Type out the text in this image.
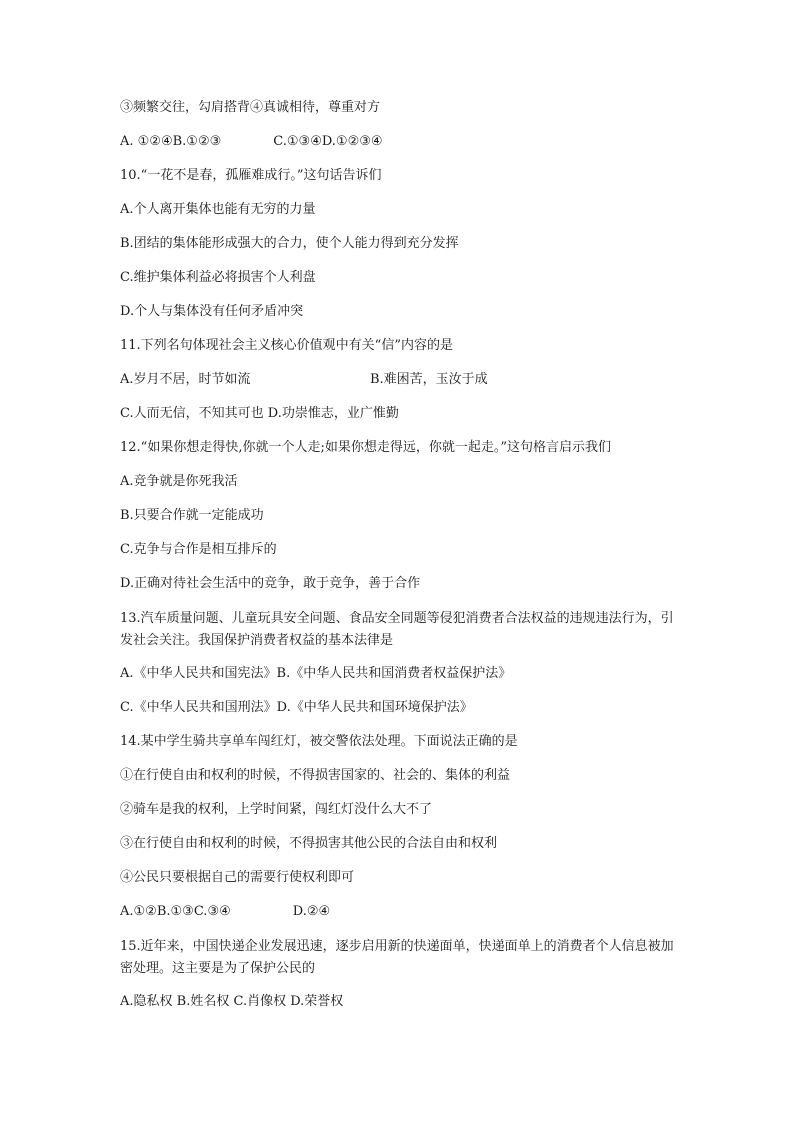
③频繁交往，勾肩搭背④真诚相待，尊重对方
A. ①②④B.①②③	C.①③④D.①②③④
10.“一花不是春，孤雁难成行。”这句话告诉们
A.个人离开集体也能有无穷的力量
B.团结的集体能形成强大的合力，使个人能力得到充分发挥
C.维护集体利益必将损害个人利盘
D.个人与集体没有任何矛盾冲突
11.下列名句体现社会主义核心价值观中有关“信”内容的是
A.岁月不居，时节如流	B.难困苦，玉汝于成
C.人而无信，不知其可也 D.功崇惟志，业广惟勤
12.“如果你想走得快,你就一个人走;如果你想走得远，你就一起走。”这句格言启示我们
A.竞争就是你死我活
B.只要合作就一定能成功
C.克争与合作是相互排斥的
D.正确对待社会生活中的竞争，敢于竞争，善于合作
13.汽车质量问题、儿童玩具安全问题、食品安全同题等侵犯消费者合法权益的违规违法行为，引发社会关注。我国保护消费者权益的基本法律是
A.《中华人民共和国宪法》B.《中华人民共和国消费者权益保护法》
C.《中华人民共和国刑法》D.《中华人民共和国环境保护法》
14.某中学生骑共享单车闯红灯，被交警依法处理。下面说法正确的是
①在行使自由和权利的时候，不得损害国家的、社会的、集体的利益
②骑车是我的权利，上学时间紧，闯红灯没什么大不了
③在行使自由和权利的时候，不得损害其他公民的合法自由和权利
④公民只要根据自己的需要行使权利即可
A.①②B.①③C.③④	D.②④
15.近年来，中国快递企业发展迅速，逐步启用新的快递面单，快递面单上的消费者个人信息被加密处理。这主要是为了保护公民的
A.隐私权 B.姓名权 C.肖像权 D.荣誉权
